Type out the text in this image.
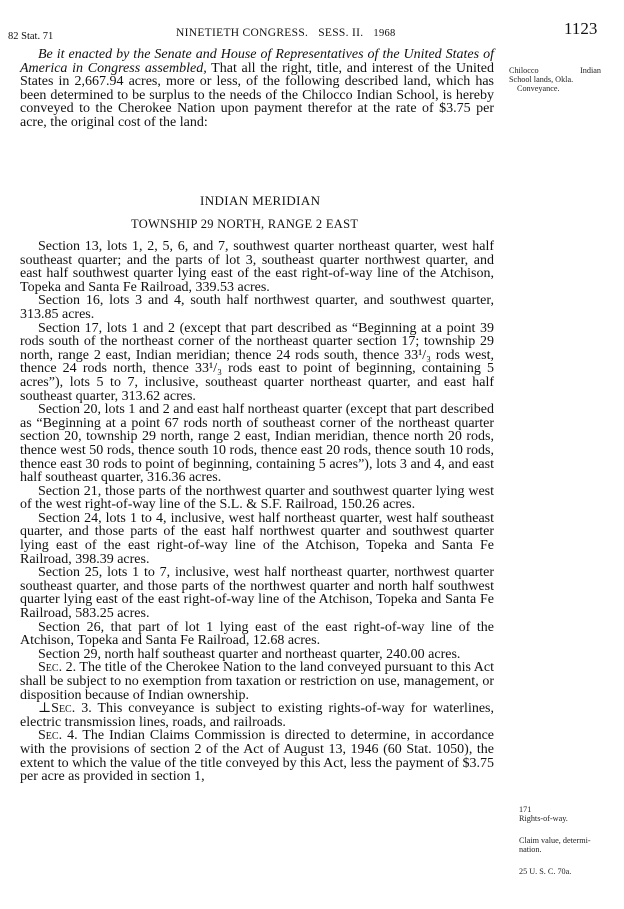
82 Stat. 71	NINETIETH CONGRESS. SESS. II. 1968	1123

Be it enacted by the Senate and House of Representatives of the United States of America in Congress assembled, That all the right, title, and interest of the United States in 2,667.94 acres, more or less, of the following described land, which has been determined to be surplus to the needs of the Chilocco Indian School, is hereby conveyed to the Cherokee Nation upon payment therefor at the rate of $3.75 per acre, the original cost of the land:

INDIAN MERIDIAN
TOWNSHIP 29 NORTH, RANGE 2 EAST

Section 13, lots 1, 2, 5, 6, and 7, southwest quarter northeast quarter, west half southeast quarter; and the parts of lot 3, southeast quarter northwest quarter, and east half southwest quarter lying east of the east right-of-way line of the Atchison, Topeka and Santa Fe Railroad, 339.53 acres.

Section 16, lots 3 and 4, south half northwest quarter, and southwest quarter, 313.85 acres.

Section 17, lots 1 and 2 (except that part described as “Beginning at a point 39 rods south of the northeast corner of the northeast quarter section 17; township 29 north, range 2 east, Indian meridian; thence 24 rods south, thence 33¹/₃ rods west, thence 24 rods north, thence 33¹/₃ rods east to point of beginning, containing 5 acres”), lots 5 to 7, inclusive, southeast quarter northeast quarter, and east half southeast quarter, 313.62 acres.

Section 20, lots 1 and 2 and east half northeast quarter (except that part described as “Beginning at a point 67 rods north of southeast corner of the northeast quarter section 20, township 29 north, range 2 east, Indian meridian, thence north 20 rods, thence west 50 rods, thence south 10 rods, thence east 20 rods, thence south 10 rods, thence east 30 rods to point of beginning, containing 5 acres”), lots 3 and 4, and east half southeast quarter, 316.36 acres.

Section 21, those parts of the northwest quarter and southwest quarter lying west of the west right-of-way line of the S.L. & S.F. Railroad, 150.26 acres.

Section 24, lots 1 to 4, inclusive, west half northeast quarter, west half southeast quarter, and those parts of the east half northwest quarter and southwest quarter lying east of the east right-of-way line of the Atchison, Topeka and Santa Fe Railroad, 398.39 acres.

Section 25, lots 1 to 7, inclusive, west half northeast quarter, northwest quarter southeast quarter, and those parts of the northwest quarter and north half southwest quarter lying east of the east right-of-way line of the Atchison, Topeka and Santa Fe Railroad, 583.25 acres.

Section 26, that part of lot 1 lying east of the east right-of-way line of the Atchison, Topeka and Santa Fe Railroad, 12.68 acres.

Section 29, north half southeast quarter and northeast quarter, 240.00 acres.

Sec. 2. The title of the Cherokee Nation to the land conveyed pursuant to this Act shall be subject to no exemption from taxation or restriction on use, management, or disposition because of Indian ownership.

⊥Sec. 3. This conveyance is subject to existing rights-of-way for waterlines, electric transmission lines, roads, and railroads.

Sec. 4. The Indian Claims Commission is directed to determine, in accordance with the provisions of section 2 of the Act of August 13, 1946 (60 Stat. 1050), the extent to which the value of the title conveyed by this Act, less the payment of $3.75 per acre as provided in section 1,

Chilocco	Indian
School lands, Okla.
Conveyance.
171
Rights-of-way.
Claim value, determi-
nation.
25 U. S. C. 70a.
